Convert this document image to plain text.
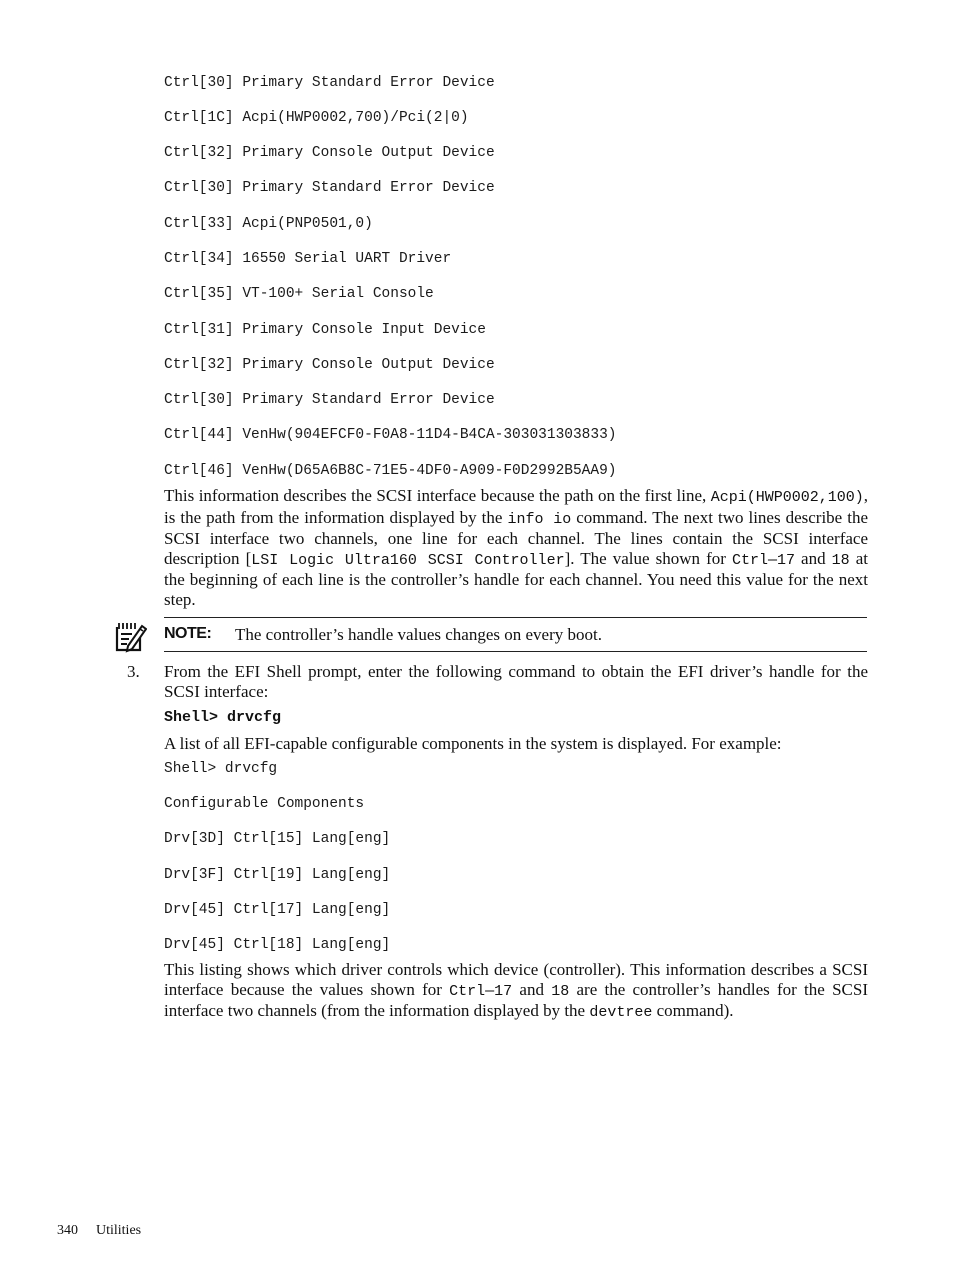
Ctrl[30] Primary Standard Error Device
Ctrl[1C] Acpi(HWP0002,700)/Pci(2|0)
Ctrl[32] Primary Console Output Device
Ctrl[30] Primary Standard Error Device
Ctrl[33] Acpi(PNP0501,0)
Ctrl[34] 16550 Serial UART Driver
Ctrl[35] VT-100+ Serial Console
Ctrl[31] Primary Console Input Device
Ctrl[32] Primary Console Output Device
Ctrl[30] Primary Standard Error Device
Ctrl[44] VenHw(904EFCF0-F0A8-11D4-B4CA-303031303833)
Ctrl[46] VenHw(D65A6B8C-71E5-4DF0-A909-F0D2992B5AA9)
This information describes the SCSI interface because the path on the first line, Acpi(HWP0002,100), is the path from the information displayed by the info io command. The next two lines describe the SCSI interface two channels, one line for each channel. The lines contain the SCSI interface description [LSI Logic Ultra160 SCSI Controller]. The value shown for Ctrl—17 and 18 at the beginning of each line is the controller’s handle for each channel. You need this value for the next step.
NOTE: The controller’s handle values changes on every boot.
3. From the EFI Shell prompt, enter the following command to obtain the EFI driver’s handle for the SCSI interface:
Shell> drvcfg
A list of all EFI-capable configurable components in the system is displayed. For example:
Shell> drvcfg
Configurable Components
Drv[3D] Ctrl[15] Lang[eng]
Drv[3F] Ctrl[19] Lang[eng]
Drv[45] Ctrl[17] Lang[eng]
Drv[45] Ctrl[18] Lang[eng]
This listing shows which driver controls which device (controller). This information describes a SCSI interface because the values shown for Ctrl—17 and 18 are the controller’s handles for the SCSI interface two channels (from the information displayed by the devtree command).
340 Utilities
